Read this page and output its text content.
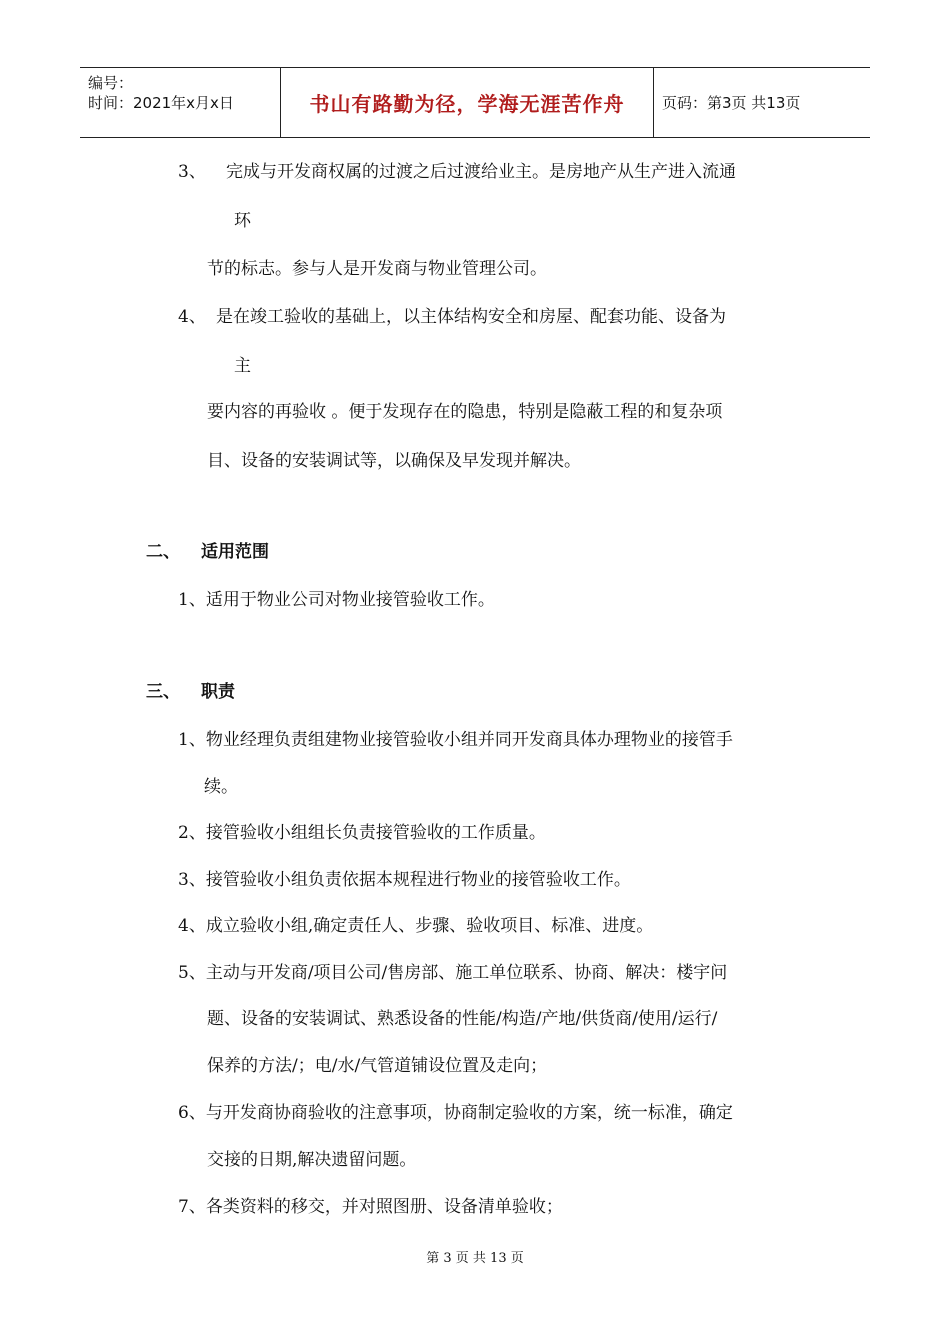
编号：
时间：2021年x月x日	书山有路勤为径，学海无涯苦作舟	页码：第3页 共13页
3、 完成与开发商权属的过渡之后过渡给业主。是房地产从生产进入流通
环
节的标志。参与人是开发商与物业管理公司。
4、 是在竣工验收的基础上，以主体结构安全和房屋、配套功能、设备为
主
要内容的再验收 。便于发现存在的隐患，特别是隐蔽工程的和复杂项
目、设备的安装调试等，以确保及早发现并解决。
二、 适用范围
1、适用于物业公司对物业接管验收工作。
三、 职责
1、物业经理负责组建物业接管验收小组并同开发商具体办理物业的接管手
续。
2、接管验收小组组长负责接管验收的工作质量。
3、接管验收小组负责依据本规程进行物业的接管验收工作。
4、成立验收小组,确定责任人、步骤、验收项目、标准、进度。
5、主动与开发商/项目公司/售房部、施工单位联系、协商、解决：楼宇问
题、设备的安装调试、熟悉设备的性能/构造/产地/供货商/使用/运行/
保养的方法/；电/水/气管道铺设位置及走向；
6、与开发商协商验收的注意事项，协商制定验收的方案，统一标准，确定
交接的日期,解决遗留问题。
7、各类资料的移交，并对照图册、设备清单验收；
第 3 页 共 13 页
